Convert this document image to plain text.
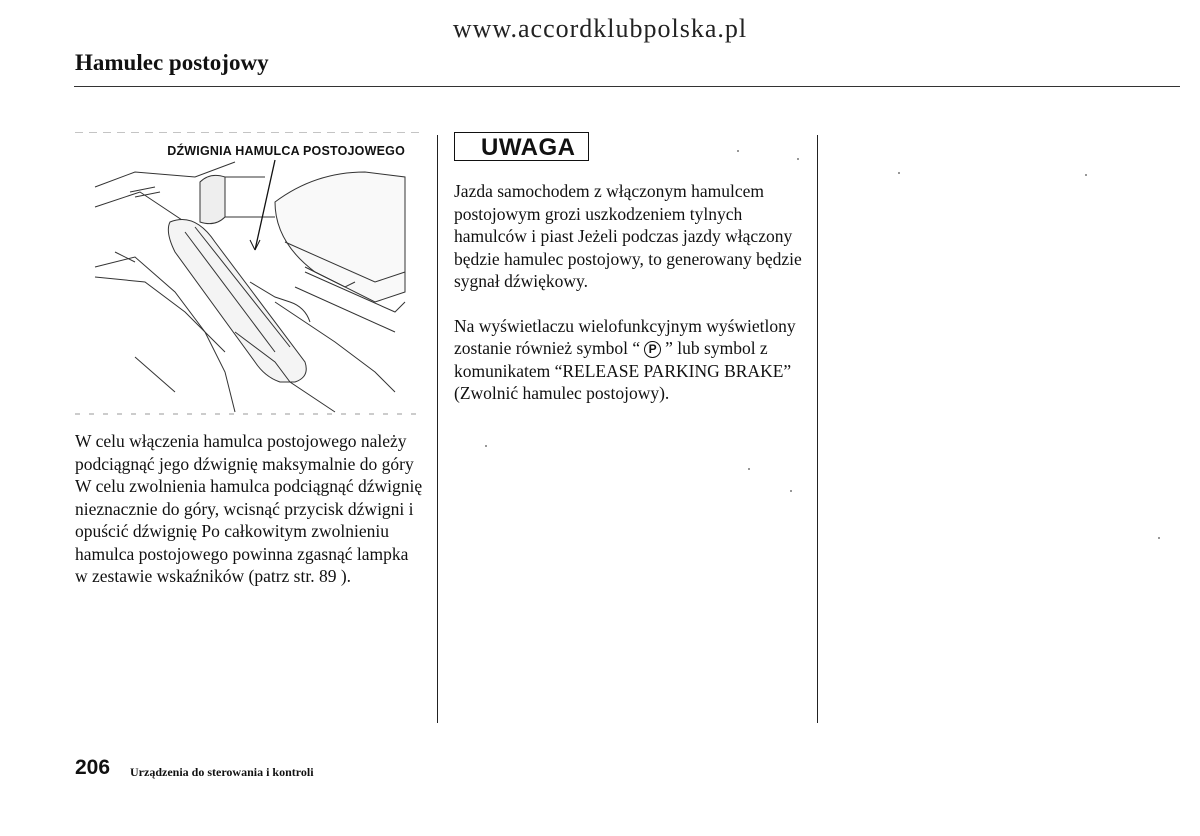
www.accordklubpolska.pl
Hamulec postojowy
DŹWIGNIA HAMULCA POSTOJOWEGO

W celu włączenia hamulca postojowego należy podciągnąć jego dźwignię maksymalnie do góry W celu zwolnienia hamulca podciągnąć dźwignię nieznacznie do góry, wcisnąć przycisk dźwigni i opuścić dźwignię Po całkowitym zwolnieniu hamulca postojowego powinna zgasnąć lampka w zestawie wskaźników (patrz str. 89 ).

UWAGA

Jazda samochodem z włączonym hamulcem postojowym grozi uszkodzeniem tylnych hamulców i piast Jeżeli podczas jazdy włączony będzie hamulec postojowy, to generowany będzie sygnał dźwiękowy.

Na wyświetlaczu wielofunkcyjnym wyświetlony zostanie również symbol “ P ” lub symbol z komunikatem “RELEASE PARKING BRAKE” (Zwolnić hamulec postojowy).

206 Urządzenia do sterowania i kontroli
